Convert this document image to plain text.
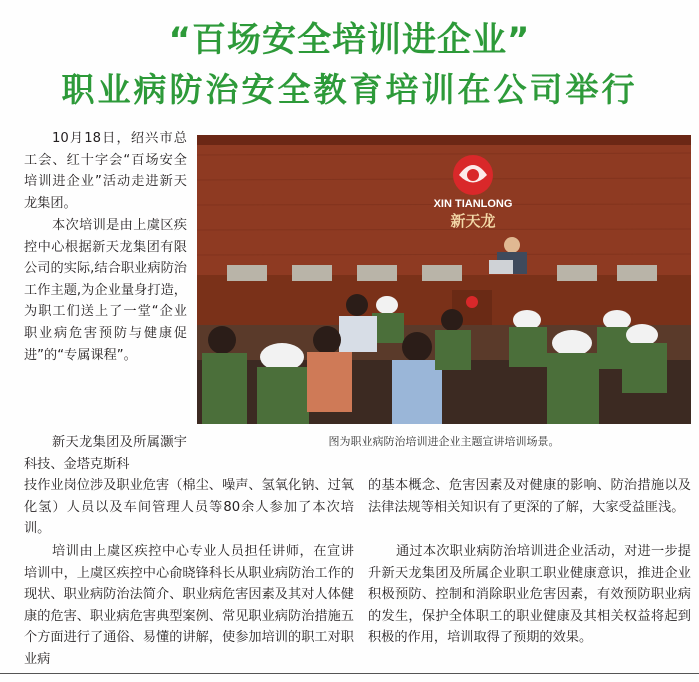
“百场安全培训进企业”
职业病防治安全教育培训在公司举行

10月18日，绍兴市总工会、红十字会“百场安全培训进企业”活动走进新天龙集团。

本次培训是由上虞区疾控中心根据新天龙集团有限公司的实际,结合职业病防治工作主题,为企业量身打造，为职工们送上了一堂“企业职业病危害预防与健康促进”的“专属课程”。

新天龙集团及所属灏宇科技、金塔克斯科

技作业岗位涉及职业危害（棉尘、噪声、氢氧化钠、过氧化氢）人员以及车间管理人员等80余人参加了本次培训。

培训由上虞区疾控中心专业人员担任讲师，在宣讲培训中，上虞区疾控中心俞晓锋科长从职业病防治工作的现状、职业病防治法简介、职业病危害因素及其对人体健康的危害、职业病危害典型案例、常见职业病防治措施五个方面进行了通俗、易懂的讲解，使参加培训的职工对职业病

的基本概念、危害因素及对健康的影响、防治措施以及法律法规等相关知识有了更深的了解，大家受益匪浅。

通过本次职业病防治培训进企业活动，对进一步提升新天龙集团及所属企业职工职业健康意识，推进企业积极预防、控制和消除职业危害因素，有效预防职业病的发生，保护全体职工的职业健康及其相关权益将起到积极的作用，培训取得了预期的效果。

XIN TIANLONG
新天龙
图为职业病防治培训进企业主题宣讲培训场景。
